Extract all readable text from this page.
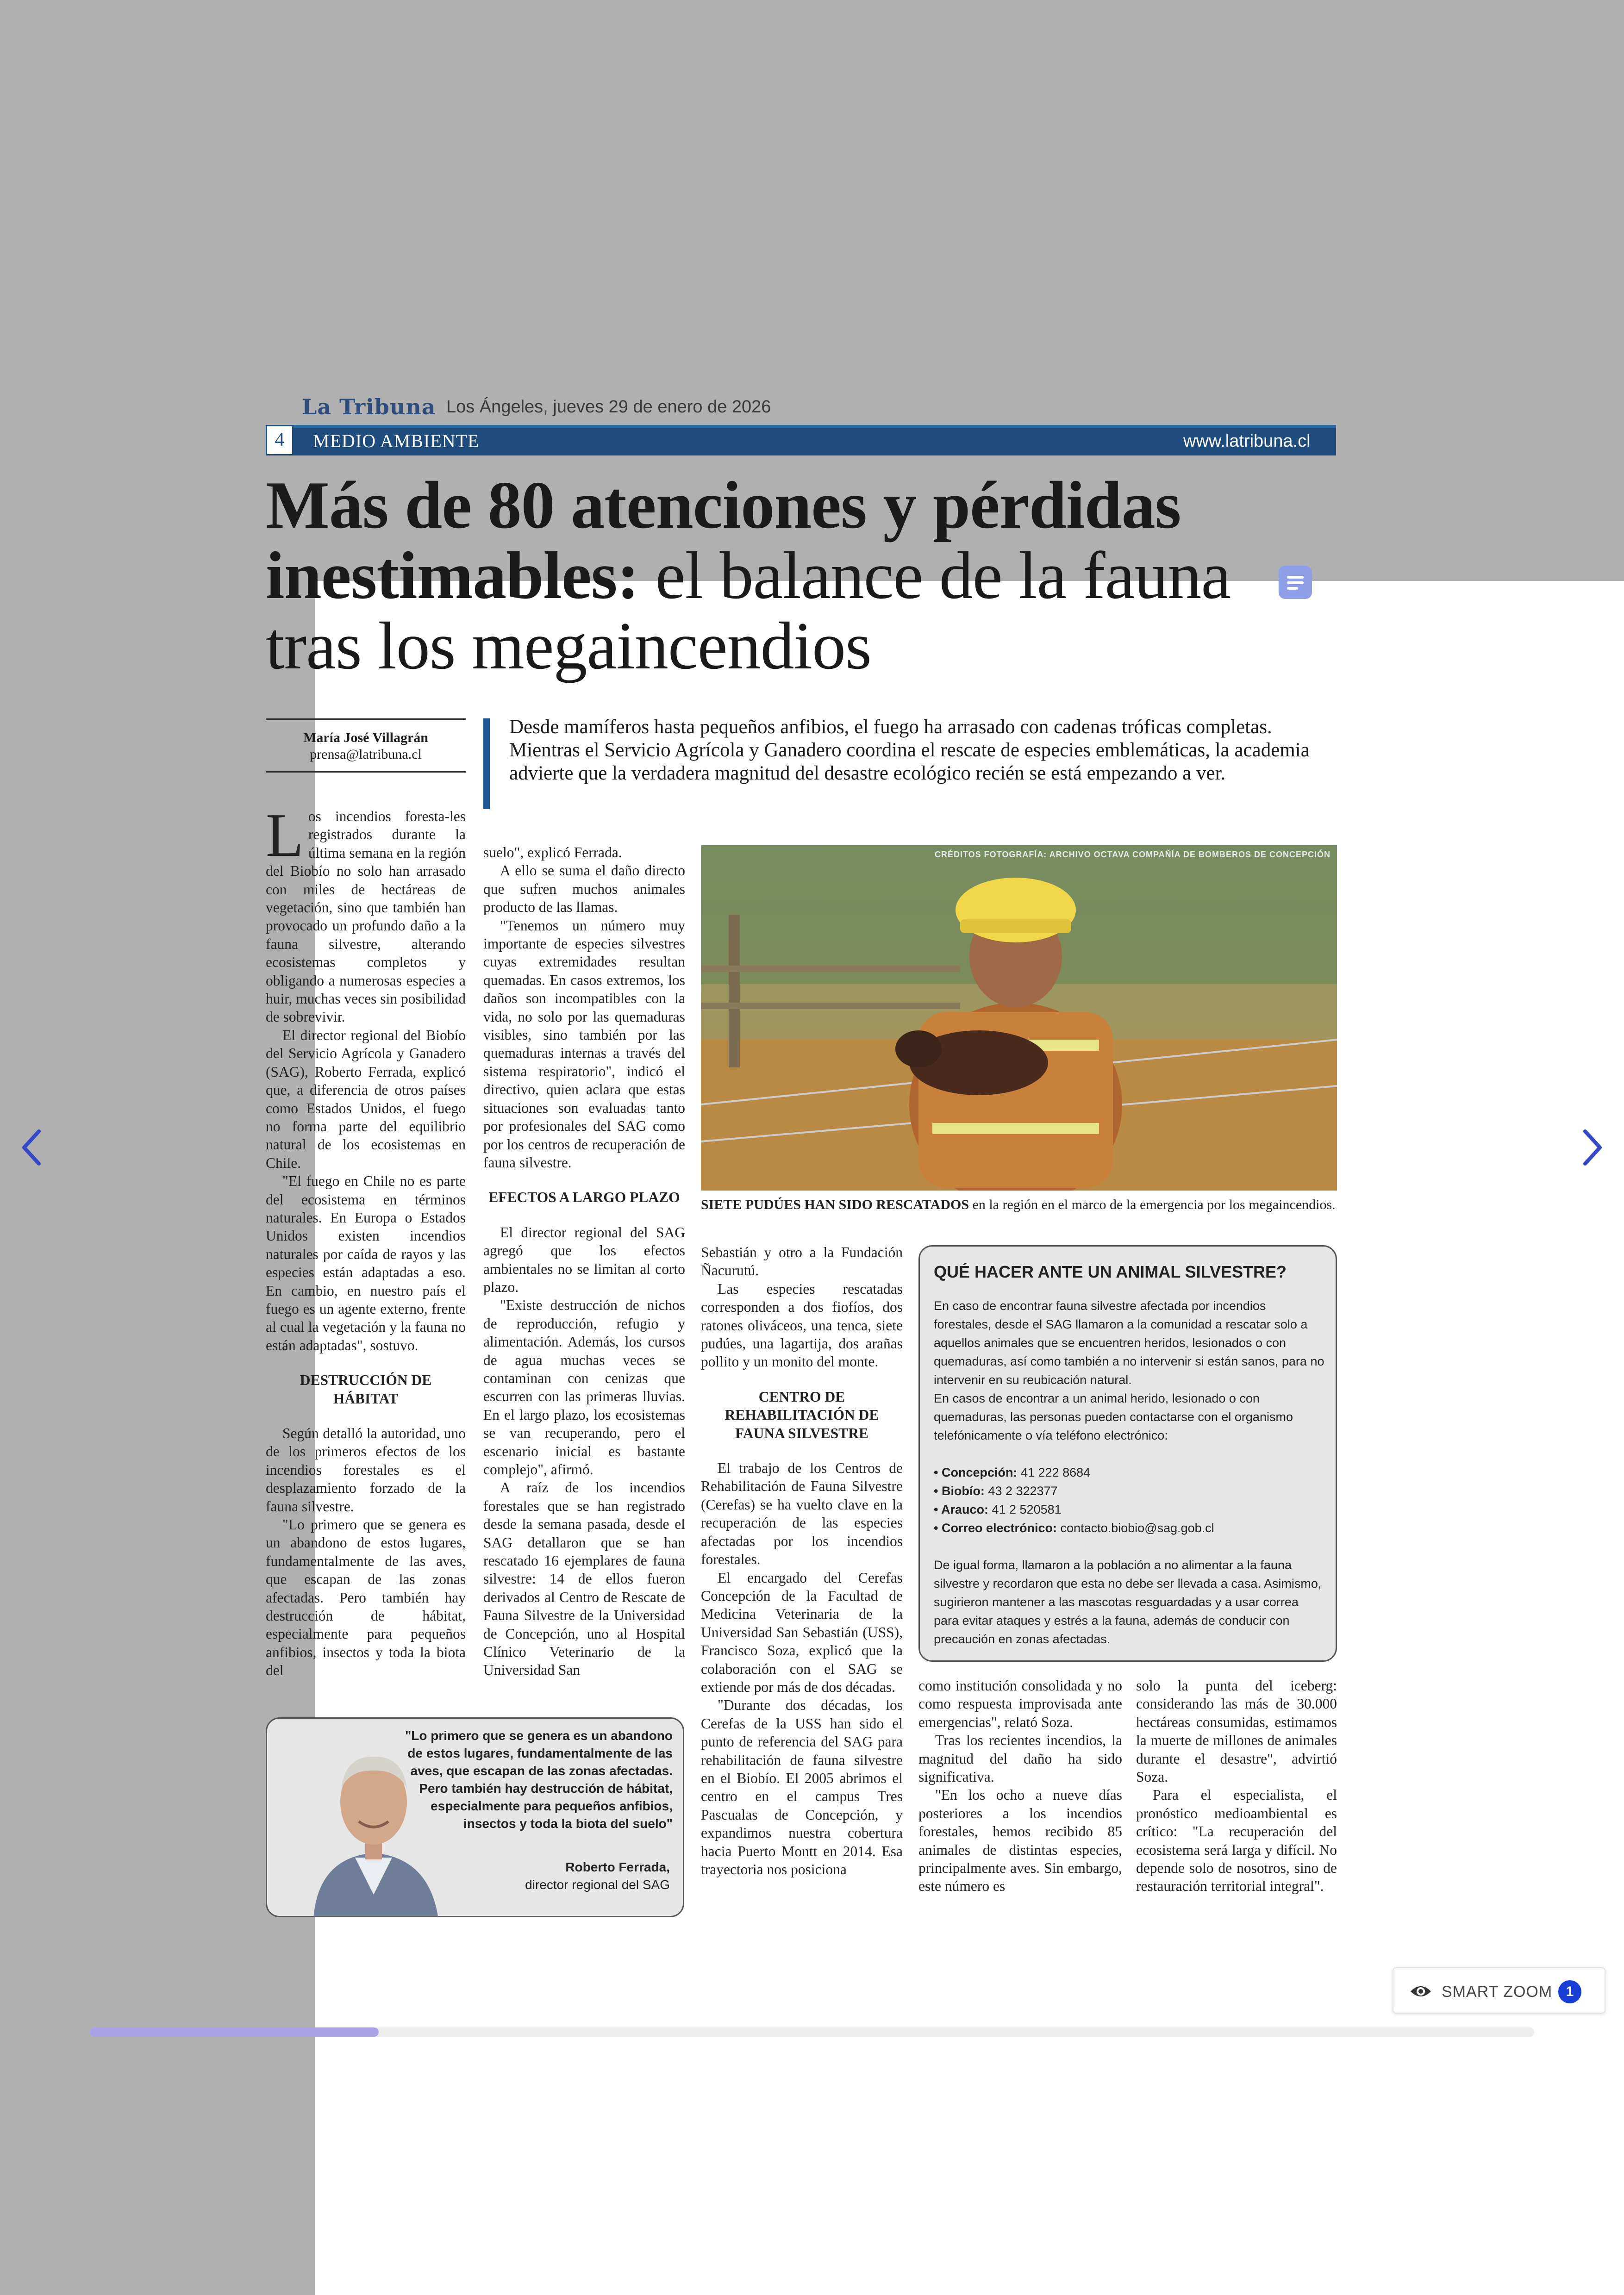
La Tribuna Los Ángeles, jueves 29 de enero de 2026
4	MEDIO AMBIENTE	www.latribuna.cl
Más de 80 atenciones y pérdidas inestimables: el balance de la fauna tras los megaincendios
María José Villagrán
prensa@latribuna.cl
Desde mamíferos hasta pequeños anfibios, el fuego ha arrasado con cadenas tróficas completas. Mientras el Servicio Agrícola y Ganadero coordina el rescate de especies emblemáticas, la academia advierte que la verdadera magnitud del desastre ecológico recién se está empezando a ver.

Los incendios foresta-les registrados durante la última semana en la región del Biobío no solo han arrasado con miles de hectáreas de vegetación, sino que también han provocado un profundo daño a la fauna silvestre, alterando ecosistemas completos y obligando a numerosas especies a huir, muchas veces sin posibilidad de sobrevivir.

El director regional del Biobío del Servicio Agrícola y Ganadero (SAG), Roberto Ferrada, explicó que, a diferencia de otros países como Estados Unidos, el fuego no forma parte del equilibrio natural de los ecosistemas en Chile.

"El fuego en Chile no es parte del ecosistema en términos naturales. En Europa o Estados Unidos existen incendios naturales por caída de rayos y las especies están adaptadas a eso. En cambio, en nuestro país el fuego es un agente externo, frente al cual la vegetación y la fauna no están adaptadas", sostuvo.

DESTRUCCIÓN DE HÁBITAT

Según detalló la autoridad, uno de los primeros efectos de los incendios forestales es el desplazamiento forzado de la fauna silvestre.

"Lo primero que se genera es un abandono de estos lugares, fundamentalmente de las aves, que escapan de las zonas afectadas. Pero también hay destrucción de hábitat, especialmente para pequeños anfibios, insectos y toda la biota del

suelo", explicó Ferrada.

A ello se suma el daño directo que sufren muchos animales producto de las llamas.

"Tenemos un número muy importante de especies silvestres cuyas extremidades resultan quemadas. En casos extremos, los daños son incompatibles con la vida, no solo por las quemaduras visibles, sino también por las quemaduras internas a través del sistema respiratorio", indicó el directivo, quien aclara que estas situaciones son evaluadas tanto por profesionales del SAG como por los centros de recuperación de fauna silvestre.

EFECTOS A LARGO PLAZO

El director regional del SAG agregó que los efectos ambientales no se limitan al corto plazo.

"Existe destrucción de nichos de reproducción, refugio y alimentación. Además, los cursos de agua muchas veces se contaminan con cenizas que escurren con las primeras lluvias. En el largo plazo, los ecosistemas se van recuperando, pero el escenario inicial es bastante complejo", afirmó.

A raíz de los incendios forestales que se han registrado desde la semana pasada, desde el SAG detallaron que se han rescatado 16 ejemplares de fauna silvestre: 14 de ellos fueron derivados al Centro de Rescate de Fauna Silvestre de la Universidad de Concepción, uno al Hospital Clínico Veterinario de la Universidad San

CRÉDITOS FOTOGRAFÍA: ARCHIVO OCTAVA COMPAÑÍA DE BOMBEROS DE CONCEPCIÓN
SIETE PUDÚES HAN SIDO RESCATADOS en la región en el marco de la emergencia por los megaincendios.

Sebastián y otro a la Fundación Ñacurutú.

Las especies rescatadas corresponden a dos fiofíos, dos ratones oliváceos, una tenca, siete pudúes, una lagartija, dos arañas pollito y un monito del monte.

CENTRO DE REHABILITACIÓN DE FAUNA SILVESTRE

El trabajo de los Centros de Rehabilitación de Fauna Silvestre (Cerefas) se ha vuelto clave en la recuperación de las especies afectadas por los incendios forestales.

El encargado del Cerefas Concepción de la Facultad de Medicina Veterinaria de la Universidad San Sebastián (USS), Francisco Soza, explicó que la colaboración con el SAG se extiende por más de dos décadas.

"Durante dos décadas, los Cerefas de la USS han sido el punto de referencia del SAG para rehabilitación de fauna silvestre en el Biobío. El 2005 abrimos el centro en el campus Tres Pascualas de Concepción, y expandimos nuestra cobertura hacia Puerto Montt en 2014. Esa trayectoria nos posiciona

QUÉ HACER ANTE UN ANIMAL SILVESTRE?

En caso de encontrar fauna silvestre afectada por incendios forestales, desde el SAG llamaron a la comunidad a rescatar solo a aquellos animales que se encuentren heridos, lesionados o con quemaduras, así como también a no intervenir si están sanos, para no intervenir en su reubicación natural.

En casos de encontrar a un animal herido, lesionado o con quemaduras, las personas pueden contactarse con el organismo telefónicamente o vía teléfono electrónico:

• Concepción: 41 222 8684
• Biobío: 43 2 322377
• Arauco: 41 2 520581
• Correo electrónico: contacto.biobio@sag.gob.cl

De igual forma, llamaron a la población a no alimentar a la fauna silvestre y recordaron que esta no debe ser llevada a casa. Asimismo, sugirieron mantener a las mascotas resguardadas y a usar correa para evitar ataques y estrés a la fauna, además de conducir con precaución en zonas afectadas.

como institución consolidada y no como respuesta improvisada ante emergencias", relató Soza.

Tras los recientes incendios, la magnitud del daño ha sido significativa.

"En los ocho a nueve días posteriores a los incendios forestales, hemos recibido 85 animales de distintas especies, principalmente aves. Sin embargo, este número es

solo la punta del iceberg: considerando las más de 30.000 hectáreas consumidas, estimamos la muerte de millones de animales durante el desastre", advirtió Soza.

Para el especialista, el pronóstico medioambiental es crítico: "La recuperación del ecosistema será larga y difícil. No depende solo de nosotros, sino de restauración territorial integral".

"Lo primero que se genera es un abandono de estos lugares, fundamentalmente de las aves, que escapan de las zonas afectadas. Pero también hay destrucción de hábitat, especialmente para pequeños anfibios, insectos y toda la biota del suelo"
Roberto Ferrada,
director regional del SAG
SMART ZOOM 1
